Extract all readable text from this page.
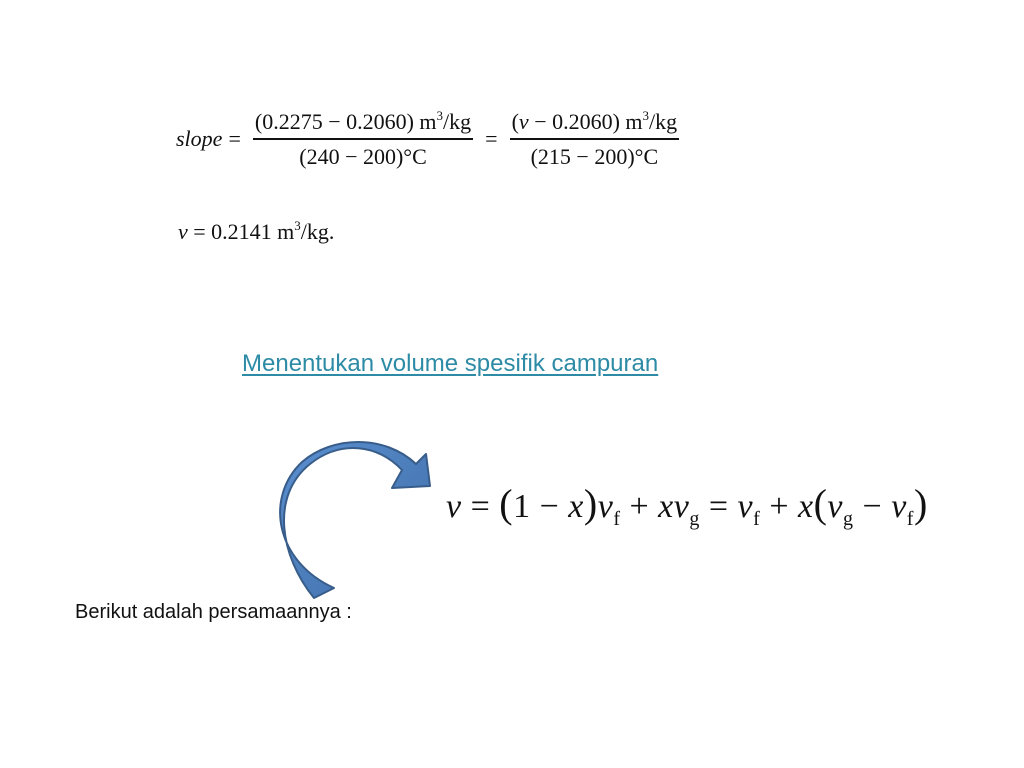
slope = $\frac{(0.2275 - 0.2060) m^3/kg}{(240 - 200)^\circ C} = \frac{(v - 0.2060) m^3/kg}{(215 - 200)^\circ C}$
v = 0.2141 $m^3/kg$.
Menentukan volume spesifik campuran
$v = (1 - x)v_f + xv_g = v_f + x(v_g - v_f)$
Berikut adalah persamaannya :
